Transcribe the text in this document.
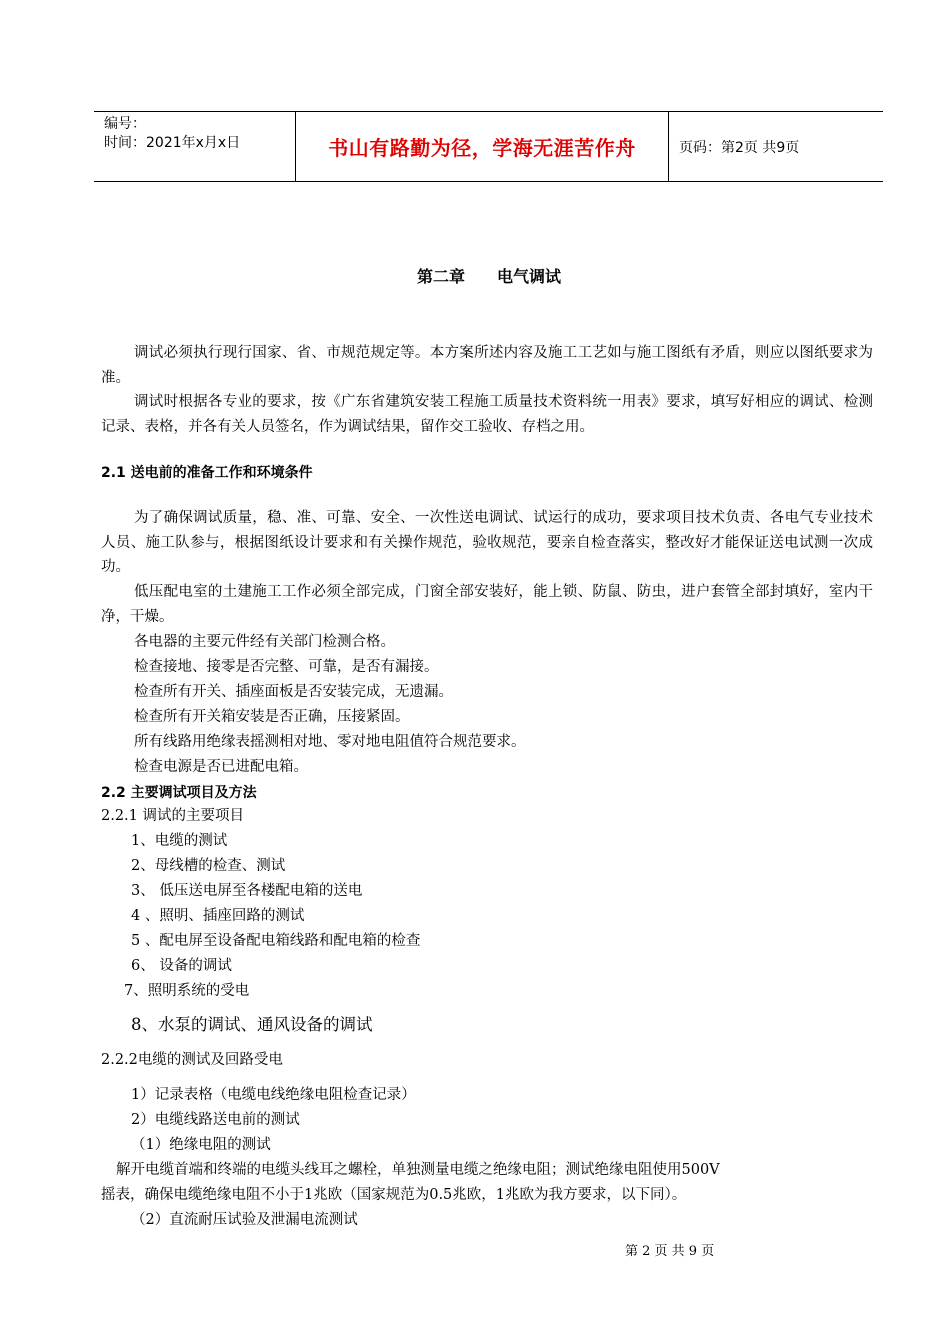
编号：
时间：2021年x月x日	书山有路勤为径，学海无涯苦作舟	页码：第2页 共9页
第二章 电气调试

调试必须执行现行国家、省、市规范规定等。本方案所述内容及施工工艺如与施工图纸有矛盾，则应以图纸要求为准。

调试时根据各专业的要求，按《广东省建筑安装工程施工质量技术资料统一用表》要求，填写好相应的调试、检测记录、表格，并各有关人员签名，作为调试结果，留作交工验收、存档之用。

2.1 送电前的准备工作和环境条件

为了确保调试质量，稳、准、可靠、安全、一次性送电调试、试运行的成功，要求项目技术负责、各电气专业技术人员、施工队参与，根据图纸设计要求和有关操作规范，验收规范，要亲自检查落实，整改好才能保证送电试测一次成功。

低压配电室的土建施工工作必须全部完成，门窗全部安装好，能上锁、防鼠、防虫，进户套管全部封填好，室内干净，干燥。

各电器的主要元件经有关部门检测合格。
检查接地、接零是否完整、可靠，是否有漏接。
检查所有开关、插座面板是否安装完成，无遗漏。
检查所有开关箱安装是否正确，压接紧固。
所有线路用绝缘表摇测相对地、零对地电阻值符合规范要求。
检查电源是否已进配电箱。
2.2 主要调试项目及方法
2.2.1 调试的主要项目
1、电缆的测试
2、母线槽的检查、测试
3、 低压送电屏至各楼配电箱的送电
4 、照明、插座回路的测试
5 、配电屏至设备配电箱线路和配电箱的检查
6、 设备的调试
7、照明系统的受电
8、水泵的调试、通风设备的调试
2.2.2电缆的测试及回路受电
1）记录表格（电缆电线绝缘电阻检查记录）
2）电缆线路送电前的测试
（1）绝缘电阻的测试
解开电缆首端和终端的电缆头线耳之螺栓，单独测量电缆之绝缘电阻；测试绝缘电阻使用500V
摇表，确保电缆绝缘电阻不小于1兆欧（国家规范为0.5兆欧，1兆欧为我方要求，以下同）。
（2）直流耐压试验及泄漏电流测试
第 2 页 共 9 页
